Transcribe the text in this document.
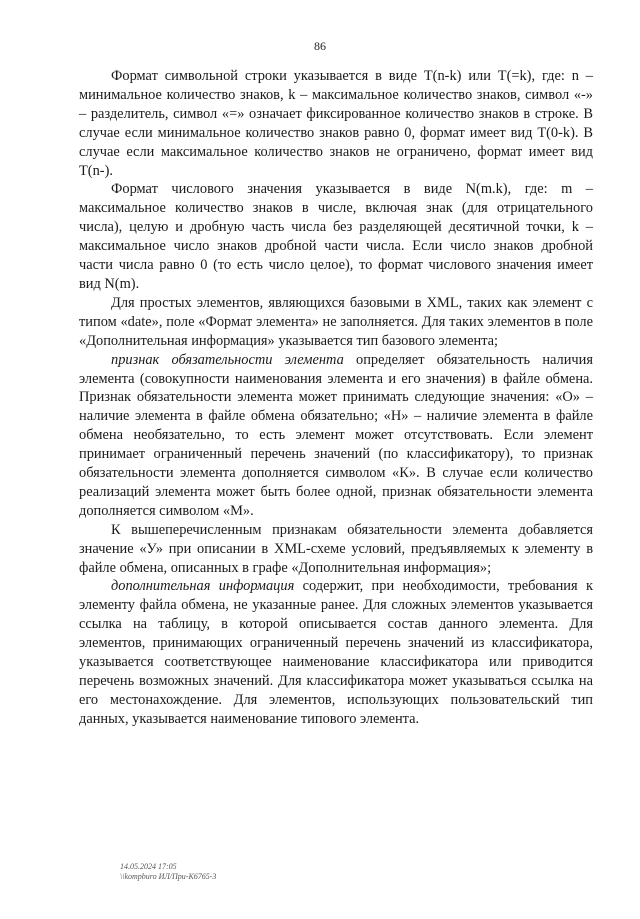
86

Формат символьной строки указывается в виде T(n-k) или T(=k), где: n – минимальное количество знаков, k – максимальное количество знаков, символ «-» – разделитель, символ «=» означает фиксированное количество знаков в строке. В случае если минимальное количество знаков равно 0, формат имеет вид T(0-k). В случае если максимальное количество знаков не ограничено, формат имеет вид T(n-).

Формат числового значения указывается в виде N(m.k), где: m – максимальное количество знаков в числе, включая знак (для отрицательного числа), целую и дробную часть числа без разделяющей десятичной точки, k – максимальное число знаков дробной части числа. Если число знаков дробной части числа равно 0 (то есть число целое), то формат числового значения имеет вид N(m).

Для простых элементов, являющихся базовыми в XML, таких как элемент с типом «date», поле «Формат элемента» не заполняется. Для таких элементов в поле «Дополнительная информация» указывается тип базового элемента;

признак обязательности элемента определяет обязательность наличия элемента (совокупности наименования элемента и его значения) в файле обмена. Признак обязательности элемента может принимать следующие значения: «О» – наличие элемента в файле обмена обязательно; «Н» – наличие элемента в файле обмена необязательно, то есть элемент может отсутствовать. Если элемент принимает ограниченный перечень значений (по классификатору), то признак обязательности элемента дополняется символом «К». В случае если количество реализаций элемента может быть более одной, признак обязательности элемента дополняется символом «М».

К вышеперечисленным признакам обязательности элемента добавляется значение «У» при описании в XML-схеме условий, предъявляемых к элементу в файле обмена, описанных в графе «Дополнительная информация»;

дополнительная информация содержит, при необходимости, требования к элементу файла обмена, не указанные ранее. Для сложных элементов указывается ссылка на таблицу, в которой описывается состав данного элемента. Для элементов, принимающих ограниченный перечень значений из классификатора, указывается соответствующее наименование классификатора или приводится перечень возможных значений. Для классификатора может указываться ссылка на его местонахождение. Для элементов, использующих пользовательский тип данных, указывается наименование типового элемента.

14.05.2024 17:05
\\kompburo ИЛ/При-К6765-3
